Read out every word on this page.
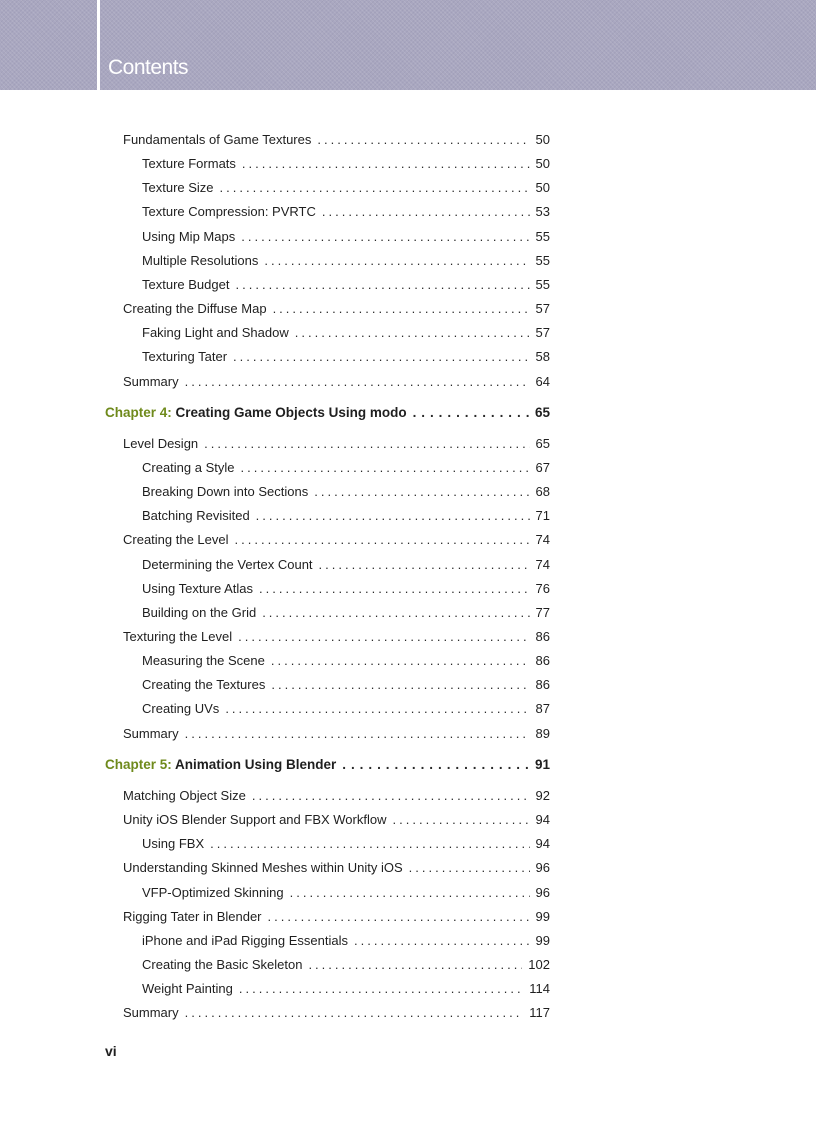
Contents
Fundamentals of Game Textures . . .	50
Texture Formats . . .	50
Texture Size . . .	50
Texture Compression: PVRTC . . .	53
Using Mip Maps . . .	55
Multiple Resolutions . . .	55
Texture Budget . . .	55
Creating the Diffuse Map . . .	57
Faking Light and Shadow . . .	57
Texturing Tater . . .	58
Summary . . .	64
Chapter 4: Creating Game Objects Using modo . . .	65
Level Design . . .	65
Creating a Style . . .	67
Breaking Down into Sections . . .	68
Batching Revisited . . .	71
Creating the Level . . .	74
Determining the Vertex Count . . .	74
Using Texture Atlas . . .	76
Building on the Grid . . .	77
Texturing the Level . . .	86
Measuring the Scene . . .	86
Creating the Textures . . .	86
Creating UVs . . .	87
Summary . . .	89
Chapter 5: Animation Using Blender . . .	91
Matching Object Size . . .	92
Unity iOS Blender Support and FBX Workflow . . .	94
Using FBX . . .	94
Understanding Skinned Meshes within Unity iOS . . .	96
VFP-Optimized Skinning . . .	96
Rigging Tater in Blender . . .	99
iPhone and iPad Rigging Essentials . . .	99
Creating the Basic Skeleton . . .	102
Weight Painting . . .	114
Summary . . .	117
vi
